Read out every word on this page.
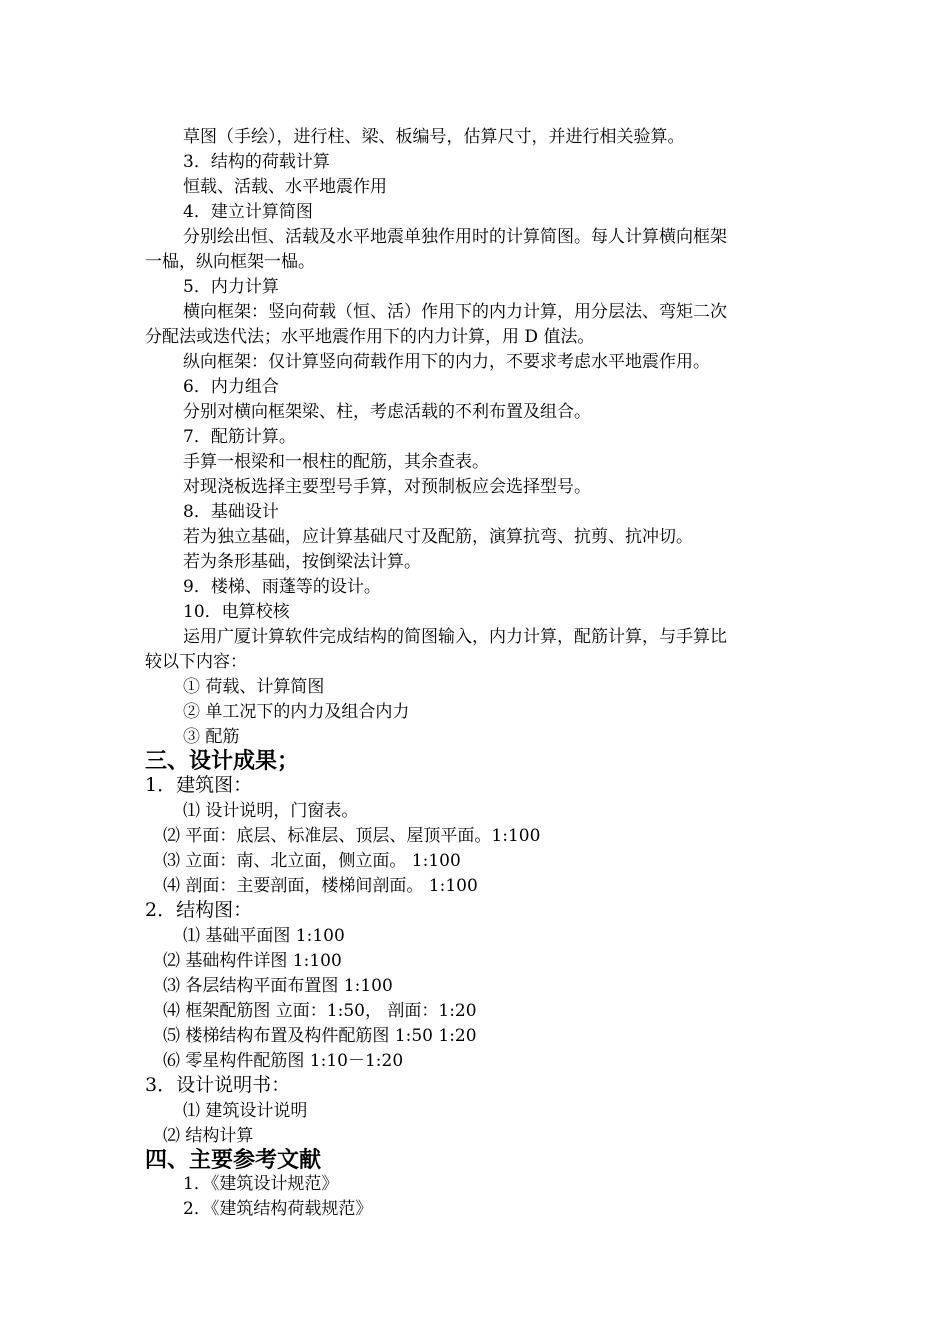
草图（手绘），进行柱、梁、板编号，估算尺寸，并进行相关验算。
3．结构的荷载计算
恒载、活载、水平地震作用
4．建立计算简图
分别绘出恒、活载及水平地震单独作用时的计算简图。每人计算横向框架
一榀，纵向框架一榀。
5．内力计算
横向框架：竖向荷载（恒、活）作用下的内力计算，用分层法、弯矩二次
分配法或迭代法；水平地震作用下的内力计算，用 D 值法。
纵向框架：仅计算竖向荷载作用下的内力，不要求考虑水平地震作用。
6．内力组合
分别对横向框架梁、柱，考虑活载的不利布置及组合。
7．配筋计算。
手算一根梁和一根柱的配筋，其余查表。
对现浇板选择主要型号手算，对预制板应会选择型号。
8．基础设计
若为独立基础，应计算基础尺寸及配筋，演算抗弯、抗剪、抗冲切。
若为条形基础，按倒梁法计算。
9．楼梯、雨蓬等的设计。
10．电算校核
运用广厦计算软件完成结构的简图输入，内力计算，配筋计算，与手算比
较以下内容：
① 荷载、计算简图
② 单工况下的内力及组合内力
③ 配筋
三、设计成果；
1．建筑图：
⑴ 设计说明，门窗表。
⑵ 平面：底层、标准层、顶层、屋顶平面。1:100
⑶ 立面：南、北立面，侧立面。 1:100
⑷ 剖面：主要剖面，楼梯间剖面。 1:100
2．结构图：
⑴ 基础平面图 1:100
⑵ 基础构件详图 1:100
⑶ 各层结构平面布置图 1:100
⑷ 框架配筋图 立面：1:50， 剖面：1:20
⑸ 楼梯结构布置及构件配筋图 1:50 1:20
⑹ 零星构件配筋图 1:10－1:20
3．设计说明书：
⑴ 建筑设计说明
⑵ 结构计算
四、主要参考文献
1．《建筑设计规范》
2．《建筑结构荷载规范》
